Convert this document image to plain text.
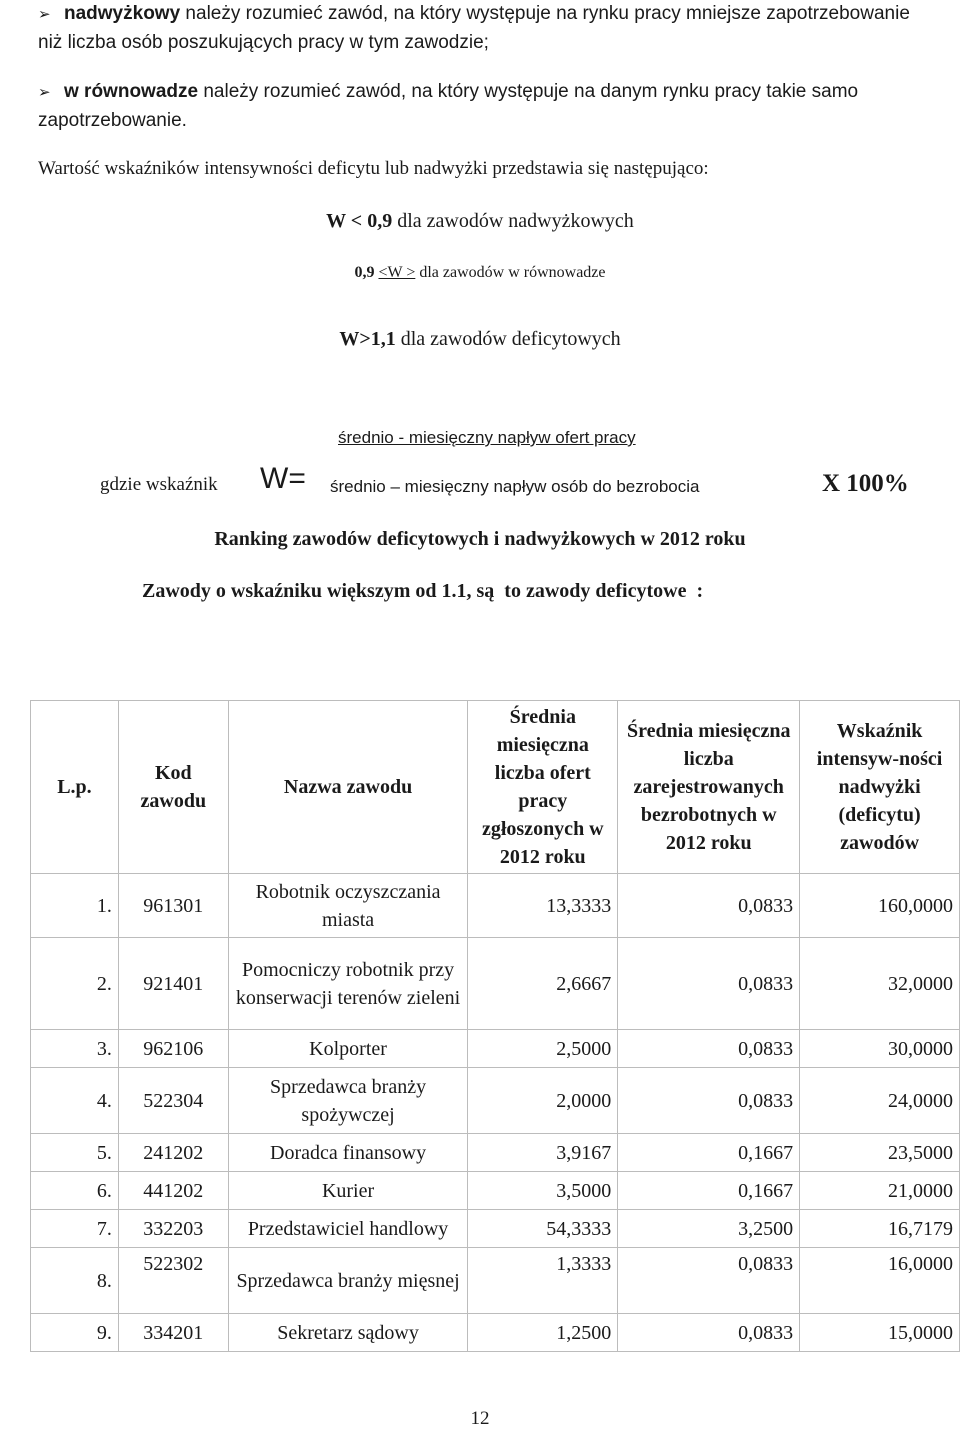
➢ nadwyżkowy należy rozumieć zawód, na który występuje na rynku pracy mniejsze zapotrzebowanie niż liczba osób poszukujących pracy w tym zawodzie;
➢ w równowadze należy rozumieć zawód, na który występuje na danym rynku pracy takie samo zapotrzebowanie.
Wartość wskaźników intensywności deficytu lub nadwyżki przedstawia się następująco:
W < 0,9 dla zawodów nadwyżkowych
0,9 <W > dla zawodów w równowadze
W>1,1 dla zawodów deficytowych
średnio - miesięczny napływ ofert pracy
gdzie wskaźnik W= średnio – miesięczny napływ osób do bezrobocia	X 100%
Ranking zawodów deficytowych i nadwyżkowych w 2012 roku
Zawody o wskaźniku większym od 1.1, są  to zawody deficytowe  :
L.p.	Kod zawodu	Nazwa zawodu	Średnia miesięczna liczba ofert pracy zgłoszonych w 2012 roku	Średnia miesięczna liczba zarejestrowanych bezrobotnych w 2012 roku	Wskaźnik intensyw-ności nadwyżki (deficytu) zawodów
1.	961301	Robotnik oczyszczania miasta	13,3333	0,0833	160,0000
2.	921401	Pomocniczy robotnik przy konserwacji terenów zieleni	2,6667	0,0833	32,0000
3.	962106	Kolporter	2,5000	0,0833	30,0000
4.	522304	Sprzedawca branży spożywczej	2,0000	0,0833	24,0000
5.	241202	Doradca finansowy	3,9167	0,1667	23,5000
6.	441202	Kurier	3,5000	0,1667	21,0000
7.	332203	Przedstawiciel handlowy	54,3333	3,2500	16,7179
8.	522302	Sprzedawca branży mięsnej	1,3333	0,0833	16,0000
9.	334201	Sekretarz sądowy	1,2500	0,0833	15,0000
12
